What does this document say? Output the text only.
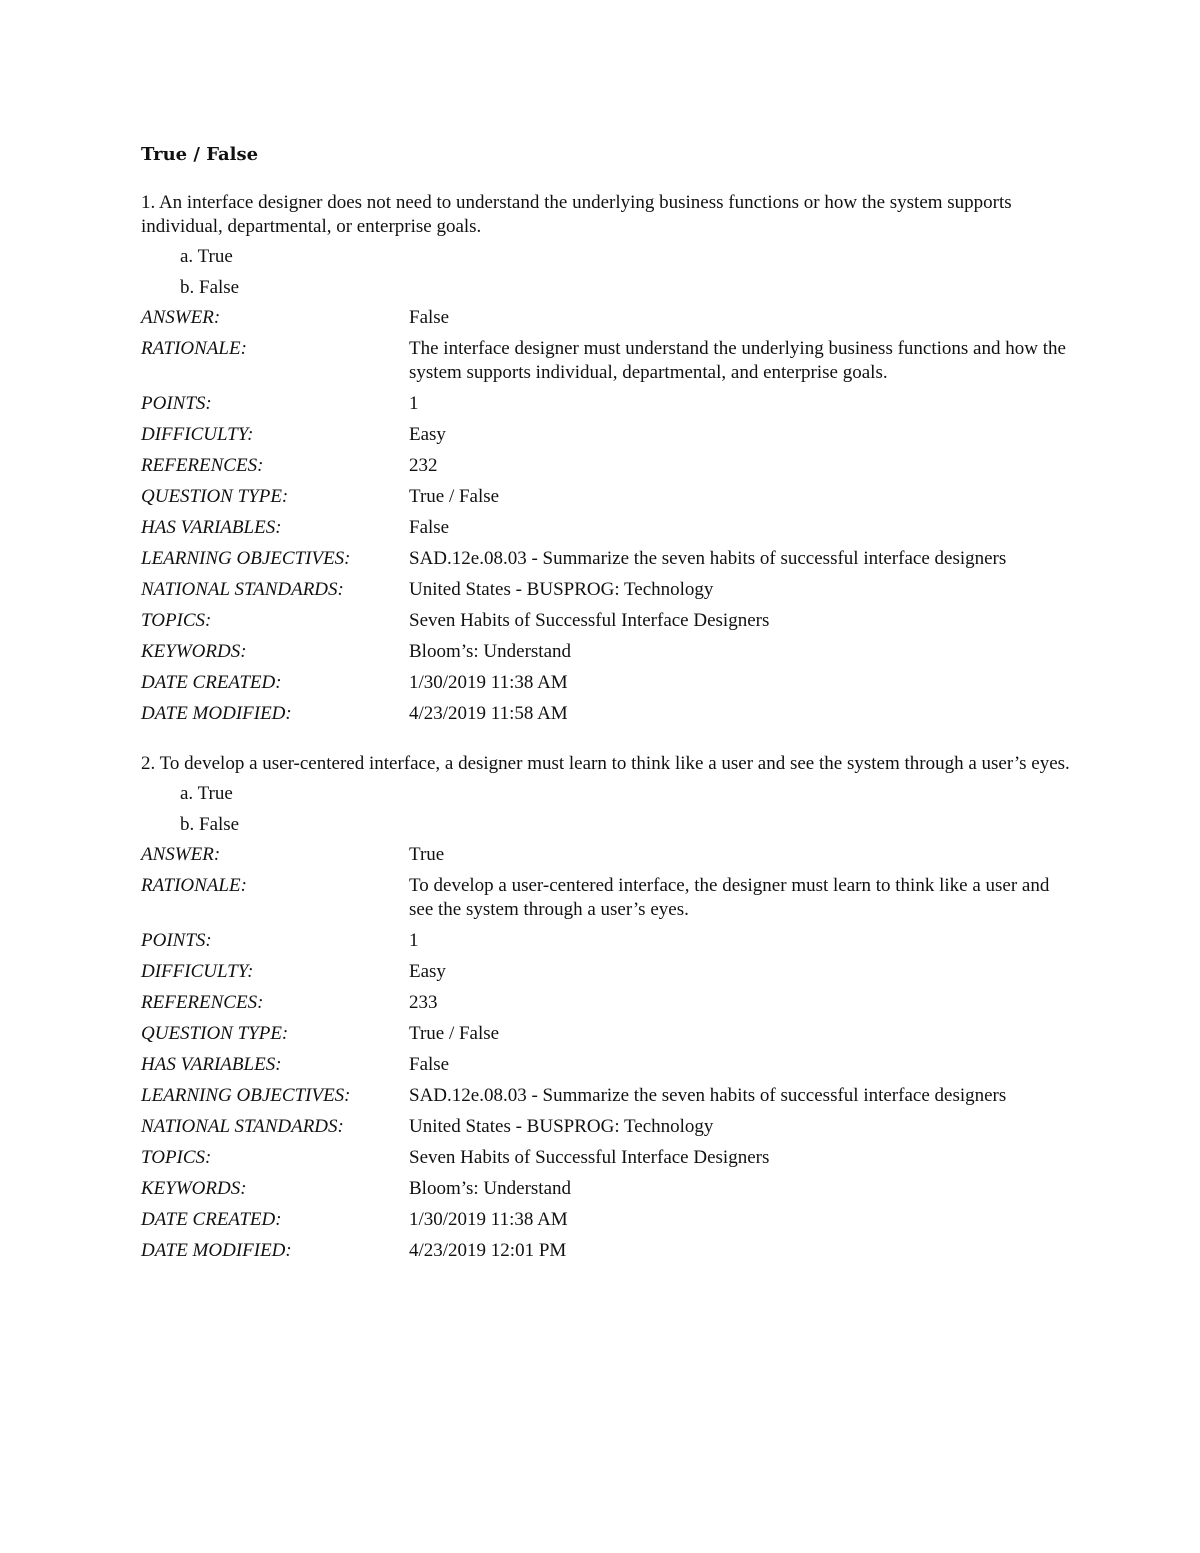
True / False
1. An interface designer does not need to understand the underlying business functions or how the system supports individual, departmental, or enterprise goals.
a. True
b. False
ANSWER:	False
RATIONALE:	The interface designer must understand the underlying business functions and how the system supports individual, departmental, and enterprise goals.
POINTS:	1
DIFFICULTY:	Easy
REFERENCES:	232
QUESTION TYPE:	True / False
HAS VARIABLES:	False
LEARNING OBJECTIVES:	SAD.12e.08.03 - Summarize the seven habits of successful interface designers
NATIONAL STANDARDS:	United States - BUSPROG: Technology
TOPICS:	Seven Habits of Successful Interface Designers
KEYWORDS:	Bloom’s: Understand
DATE CREATED:	1/30/2019 11:38 AM
DATE MODIFIED:	4/23/2019 11:58 AM
2. To develop a user-centered interface, a designer must learn to think like a user and see the system through a user’s eyes.
a. True
b. False
ANSWER:	True
RATIONALE:	To develop a user-centered interface, the designer must learn to think like a user and see the system through a user’s eyes.
POINTS:	1
DIFFICULTY:	Easy
REFERENCES:	233
QUESTION TYPE:	True / False
HAS VARIABLES:	False
LEARNING OBJECTIVES:	SAD.12e.08.03 - Summarize the seven habits of successful interface designers
NATIONAL STANDARDS:	United States - BUSPROG: Technology
TOPICS:	Seven Habits of Successful Interface Designers
KEYWORDS:	Bloom’s: Understand
DATE CREATED:	1/30/2019 11:38 AM
DATE MODIFIED:	4/23/2019 12:01 PM
